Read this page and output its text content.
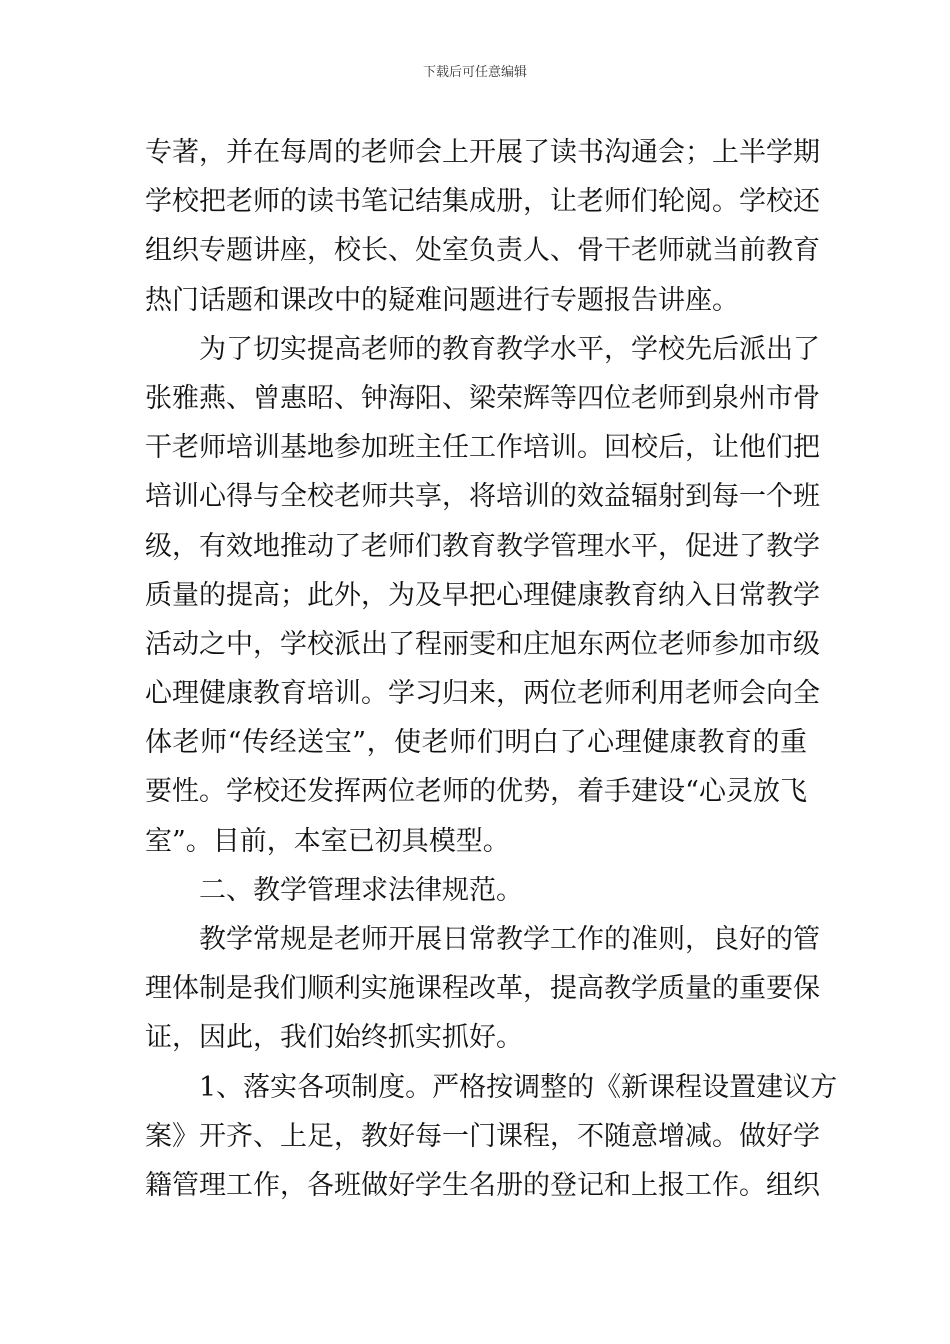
下载后可任意编辑
专著，并在每周的老师会上开展了读书沟通会；上半学期
学校把老师的读书笔记结集成册，让老师们轮阅。学校还
组织专题讲座，校长、处室负责人、骨干老师就当前教育
热门话题和课改中的疑难问题进行专题报告讲座。
为了切实提高老师的教育教学水平，学校先后派出了
张雅燕、曾惠昭、钟海阳、梁荣辉等四位老师到泉州市骨
干老师培训基地参加班主任工作培训。回校后，让他们把
培训心得与全校老师共享，将培训的效益辐射到每一个班
级，有效地推动了老师们教育教学管理水平，促进了教学
质量的提高；此外，为及早把心理健康教育纳入日常教学
活动之中，学校派出了程丽雯和庄旭东两位老师参加市级
心理健康教育培训。学习归来，两位老师利用老师会向全
体老师“传经送宝”，使老师们明白了心理健康教育的重
要性。学校还发挥两位老师的优势，着手建设“心灵放飞
室”。目前，本室已初具模型。
二、教学管理求法律规范。
教学常规是老师开展日常教学工作的准则，良好的管
理体制是我们顺利实施课程改革，提高教学质量的重要保
证，因此，我们始终抓实抓好。
1、落实各项制度。严格按调整的《新课程设置建议方
案》开齐、上足，教好每一门课程，不随意增减。做好学
籍管理工作，各班做好学生名册的登记和上报工作。组织
